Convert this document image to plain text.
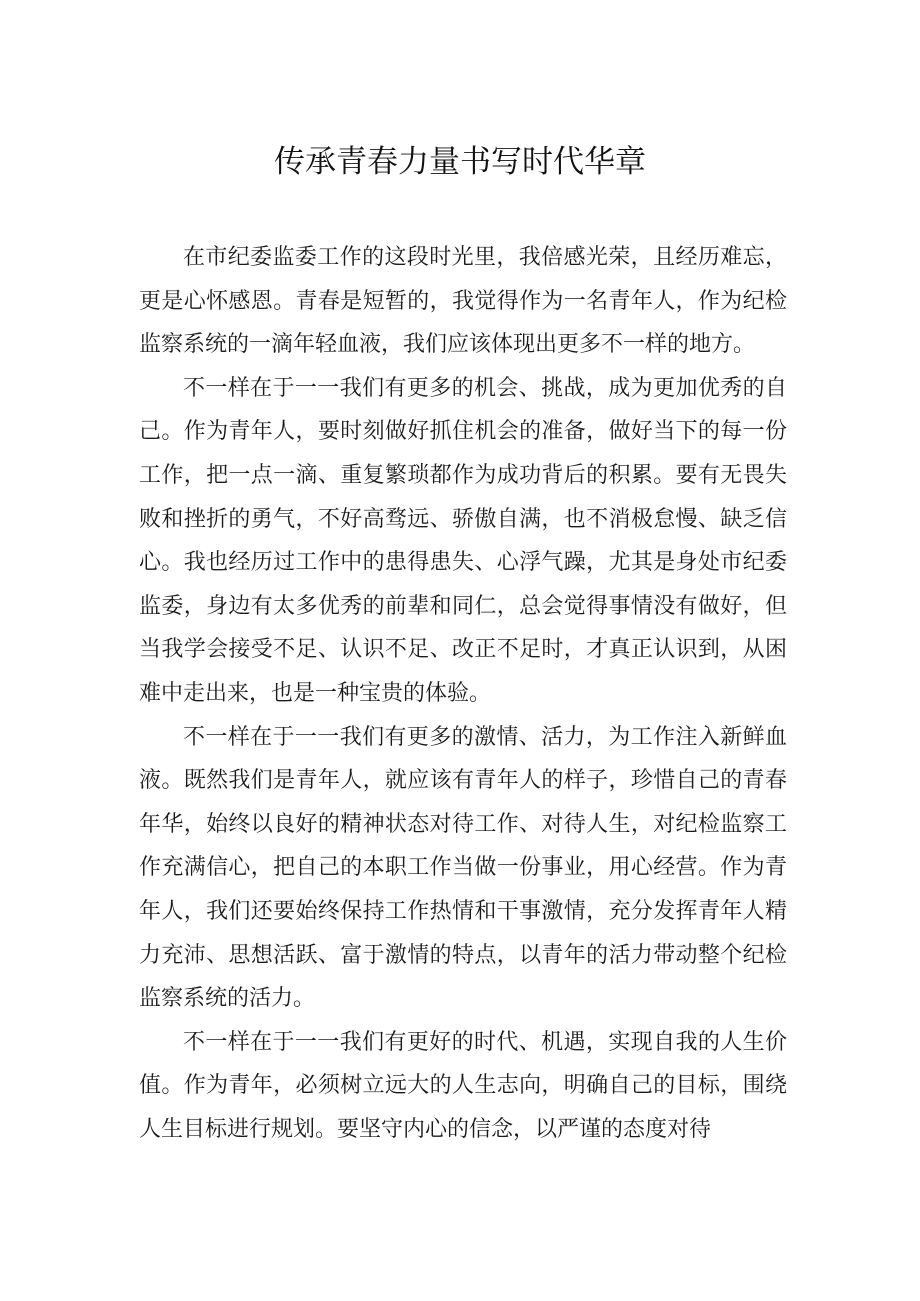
传承青春力量书写时代华章

在市纪委监委工作的这段时光里，我倍感光荣，且经历难忘，更是心怀感恩。青春是短暂的，我觉得作为一名青年人，作为纪检监察系统的一滴年轻血液，我们应该体现出更多不一样的地方。

不一样在于一一我们有更多的机会、挑战，成为更加优秀的自己。作为青年人，要时刻做好抓住机会的准备，做好当下的每一份工作，把一点一滴、重复繁琐都作为成功背后的积累。要有无畏失败和挫折的勇气，不好高骛远、骄傲自满，也不消极怠慢、缺乏信心。我也经历过工作中的患得患失、心浮气躁，尤其是身处市纪委监委，身边有太多优秀的前辈和同仁，总会觉得事情没有做好，但当我学会接受不足、认识不足、改正不足时，才真正认识到，从困难中走出来，也是一种宝贵的体验。

不一样在于一一我们有更多的激情、活力，为工作注入新鲜血液。既然我们是青年人，就应该有青年人的样子，珍惜自己的青春年华，始终以良好的精神状态对待工作、对待人生，对纪检监察工作充满信心，把自己的本职工作当做一份事业，用心经营。作为青年人，我们还要始终保持工作热情和干事激情，充分发挥青年人精力充沛、思想活跃、富于激情的特点，以青年的活力带动整个纪检监察系统的活力。

不一样在于一一我们有更好的时代、机遇，实现自我的人生价值。作为青年，必须树立远大的人生志向，明确自己的目标，围绕人生目标进行规划。要坚守内心的信念，以严谨的态度对待
